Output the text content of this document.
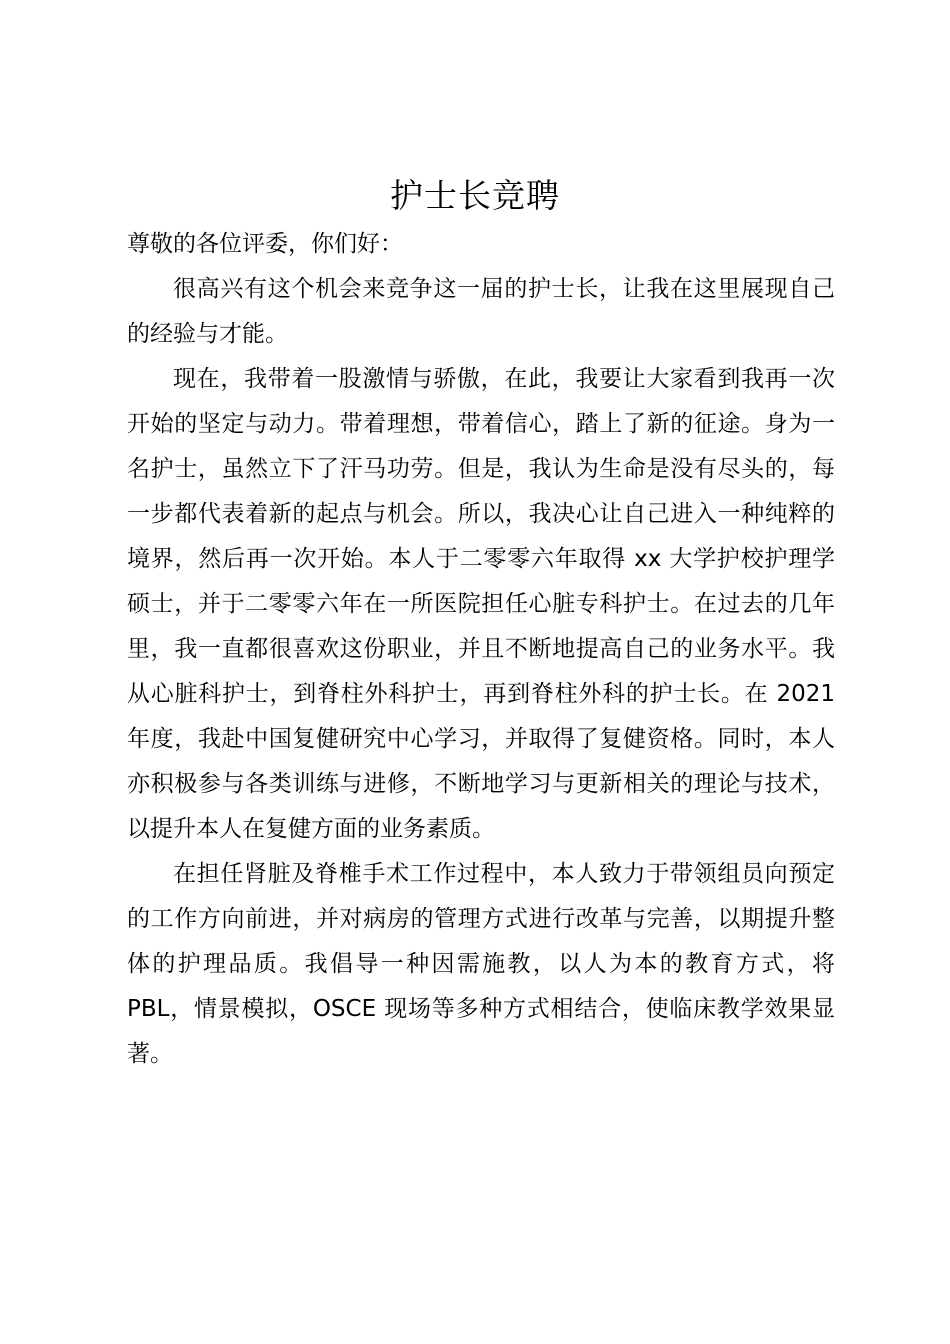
护士长竞聘

尊敬的各位评委，你们好：

很高兴有这个机会来竞争这一届的护士长，让我在这里展现自己的经验与才能。

现在，我带着一股激情与骄傲，在此，我要让大家看到我再一次开始的坚定与动力。带着理想，带着信心，踏上了新的征途。身为一名护士，虽然立下了汗马功劳。但是，我认为生命是没有尽头的，每一步都代表着新的起点与机会。所以，我决心让自己进入一种纯粹的境界，然后再一次开始。本人于二零零六年取得 xx 大学护校护理学硕士，并于二零零六年在一所医院担任心脏专科护士。在过去的几年里，我一直都很喜欢这份职业，并且不断地提高自己的业务水平。我从心脏科护士，到脊柱外科护士，再到脊柱外科的护士长。在 2021 年度，我赴中国复健研究中心学习，并取得了复健资格。同时，本人亦积极参与各类训练与进修，不断地学习与更新相关的理论与技术，以提升本人在复健方面的业务素质。

在担任肾脏及脊椎手术工作过程中，本人致力于带领组员向预定的工作方向前进，并对病房的管理方式进行改革与完善，以期提升整体的护理品质。我倡导一种因需施教，以人为本的教育方式，将 PBL，情景模拟，OSCE 现场等多种方式相结合，使临床教学效果显著。
